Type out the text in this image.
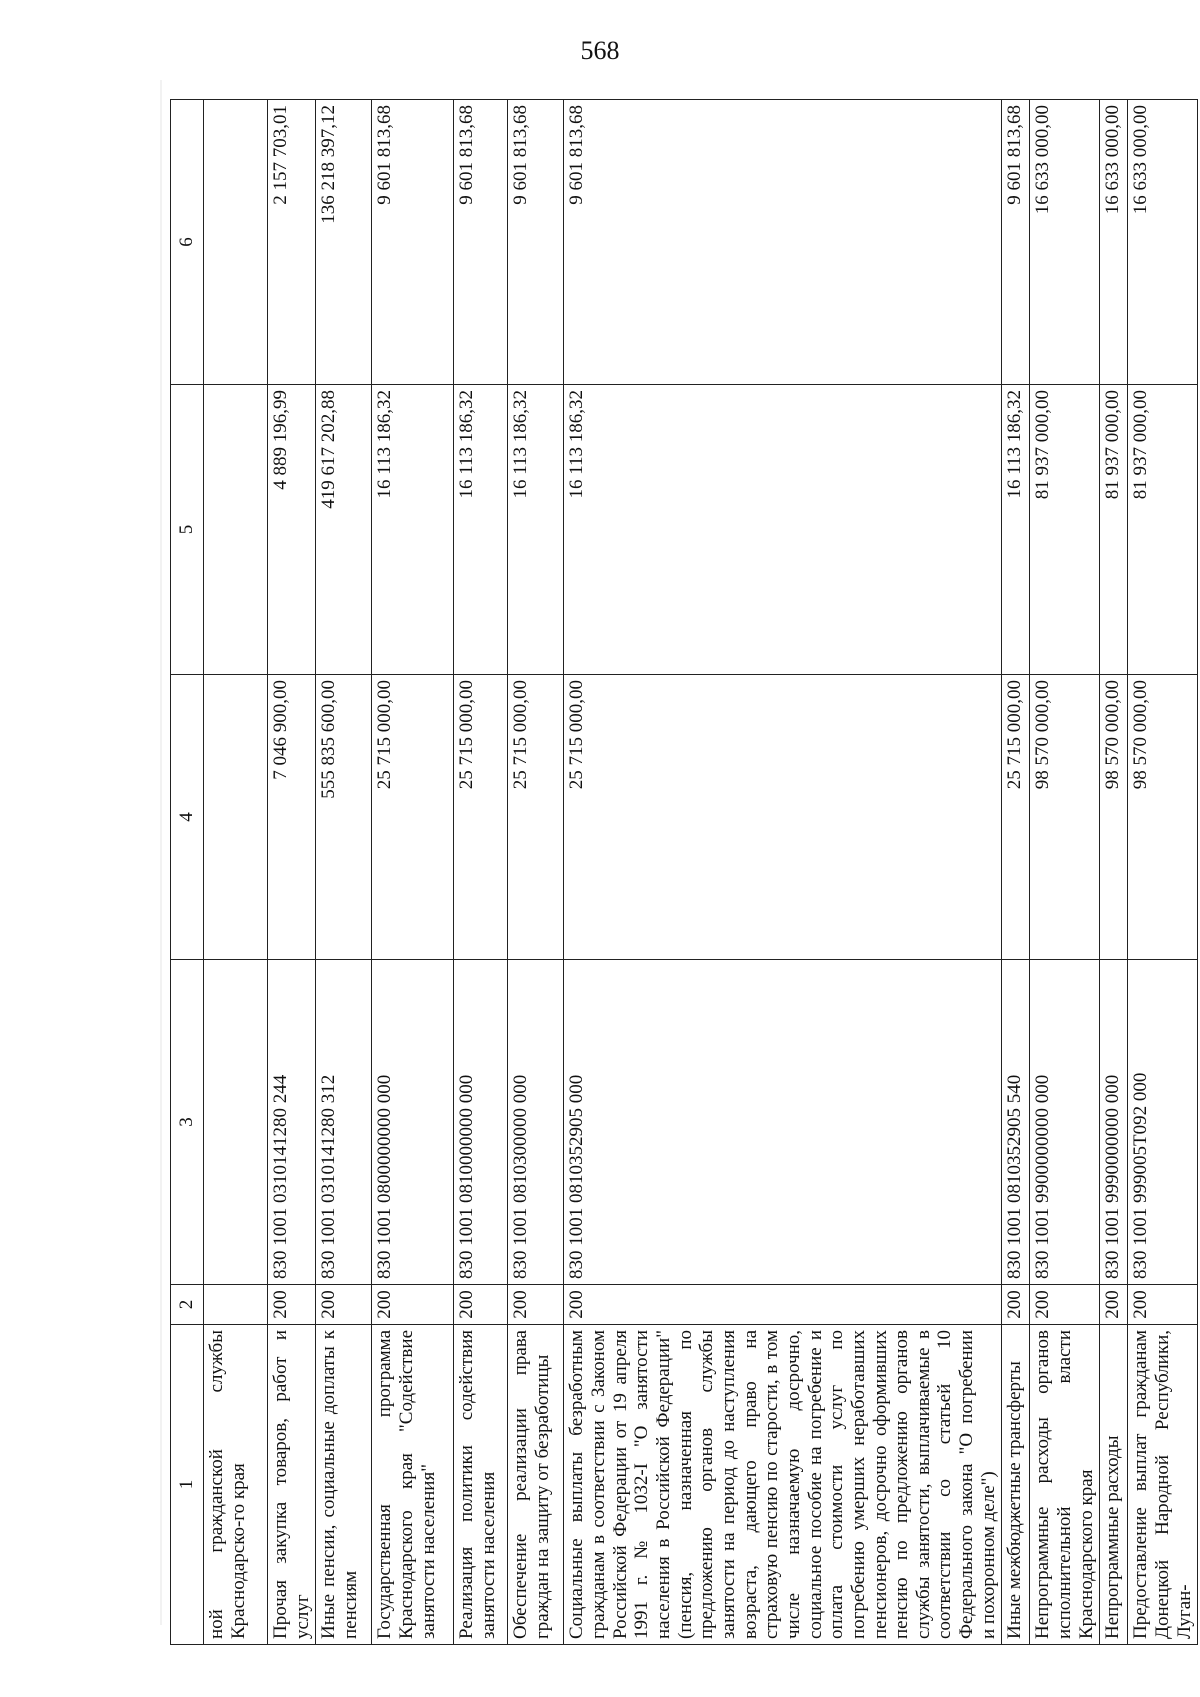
568
1	2	3	4	5	6
ной гражданской службы Краснодарско-го края					
Прочая закупка товаров, работ и услуг	200	830 1001 0310141280 244	7 046 900,00	4 889 196,99	2 157 703,01
Иные пенсии, социальные доплаты к пенсиям	200	830 1001 0310141280 312	555 835 600,00	419 617 202,88	136 218 397,12
Государственная программа Краснодарского края "Содействие занятости населения"	200	830 1001 0800000000 000	25 715 000,00	16 113 186,32	9 601 813,68
Реализация политики содействия занятости населения	200	830 1001 0810000000 000	25 715 000,00	16 113 186,32	9 601 813,68
Обеспечение реализации права граждан на защиту от безработицы	200	830 1001 0810300000 000	25 715 000,00	16 113 186,32	9 601 813,68
Социальные выплаты безработным гражданам в соответствии с Законом Российской Федерации от 19 апреля 1991 г. № 1032-I "О занятости населения в Российской Федерации" (пенсия, назначенная по предложению органов службы занятости на период до наступления возраста, дающего право на страховую пенсию по старости, в том числе назначаемую досрочно, социальное пособие на погребение и оплата стоимости услуг по погребению умерших неработавших пенсионеров, досрочно оформивших пенсию по предложению органов службы занятости, выплачиваемые в соответствии со статьей 10 Федерального закона "О погребении и похоронном деле")	200	830 1001 0810352905 000	25 715 000,00	16 113 186,32	9 601 813,68
Иные межбюджетные трансферты	200	830 1001 0810352905 540	25 715 000,00	16 113 186,32	9 601 813,68
Непрограммные расходы органов исполнительной власти Краснодарского края	200	830 1001 9900000000 000	98 570 000,00	81 937 000,00	16 633 000,00
Непрограммные расходы	200	830 1001 9990000000 000	98 570 000,00	81 937 000,00	16 633 000,00
Предоставление выплат гражданам Донецкой Народной Республики, Луган-	200	830 1001 999005T092 000	98 570 000,00	81 937 000,00	16 633 000,00
